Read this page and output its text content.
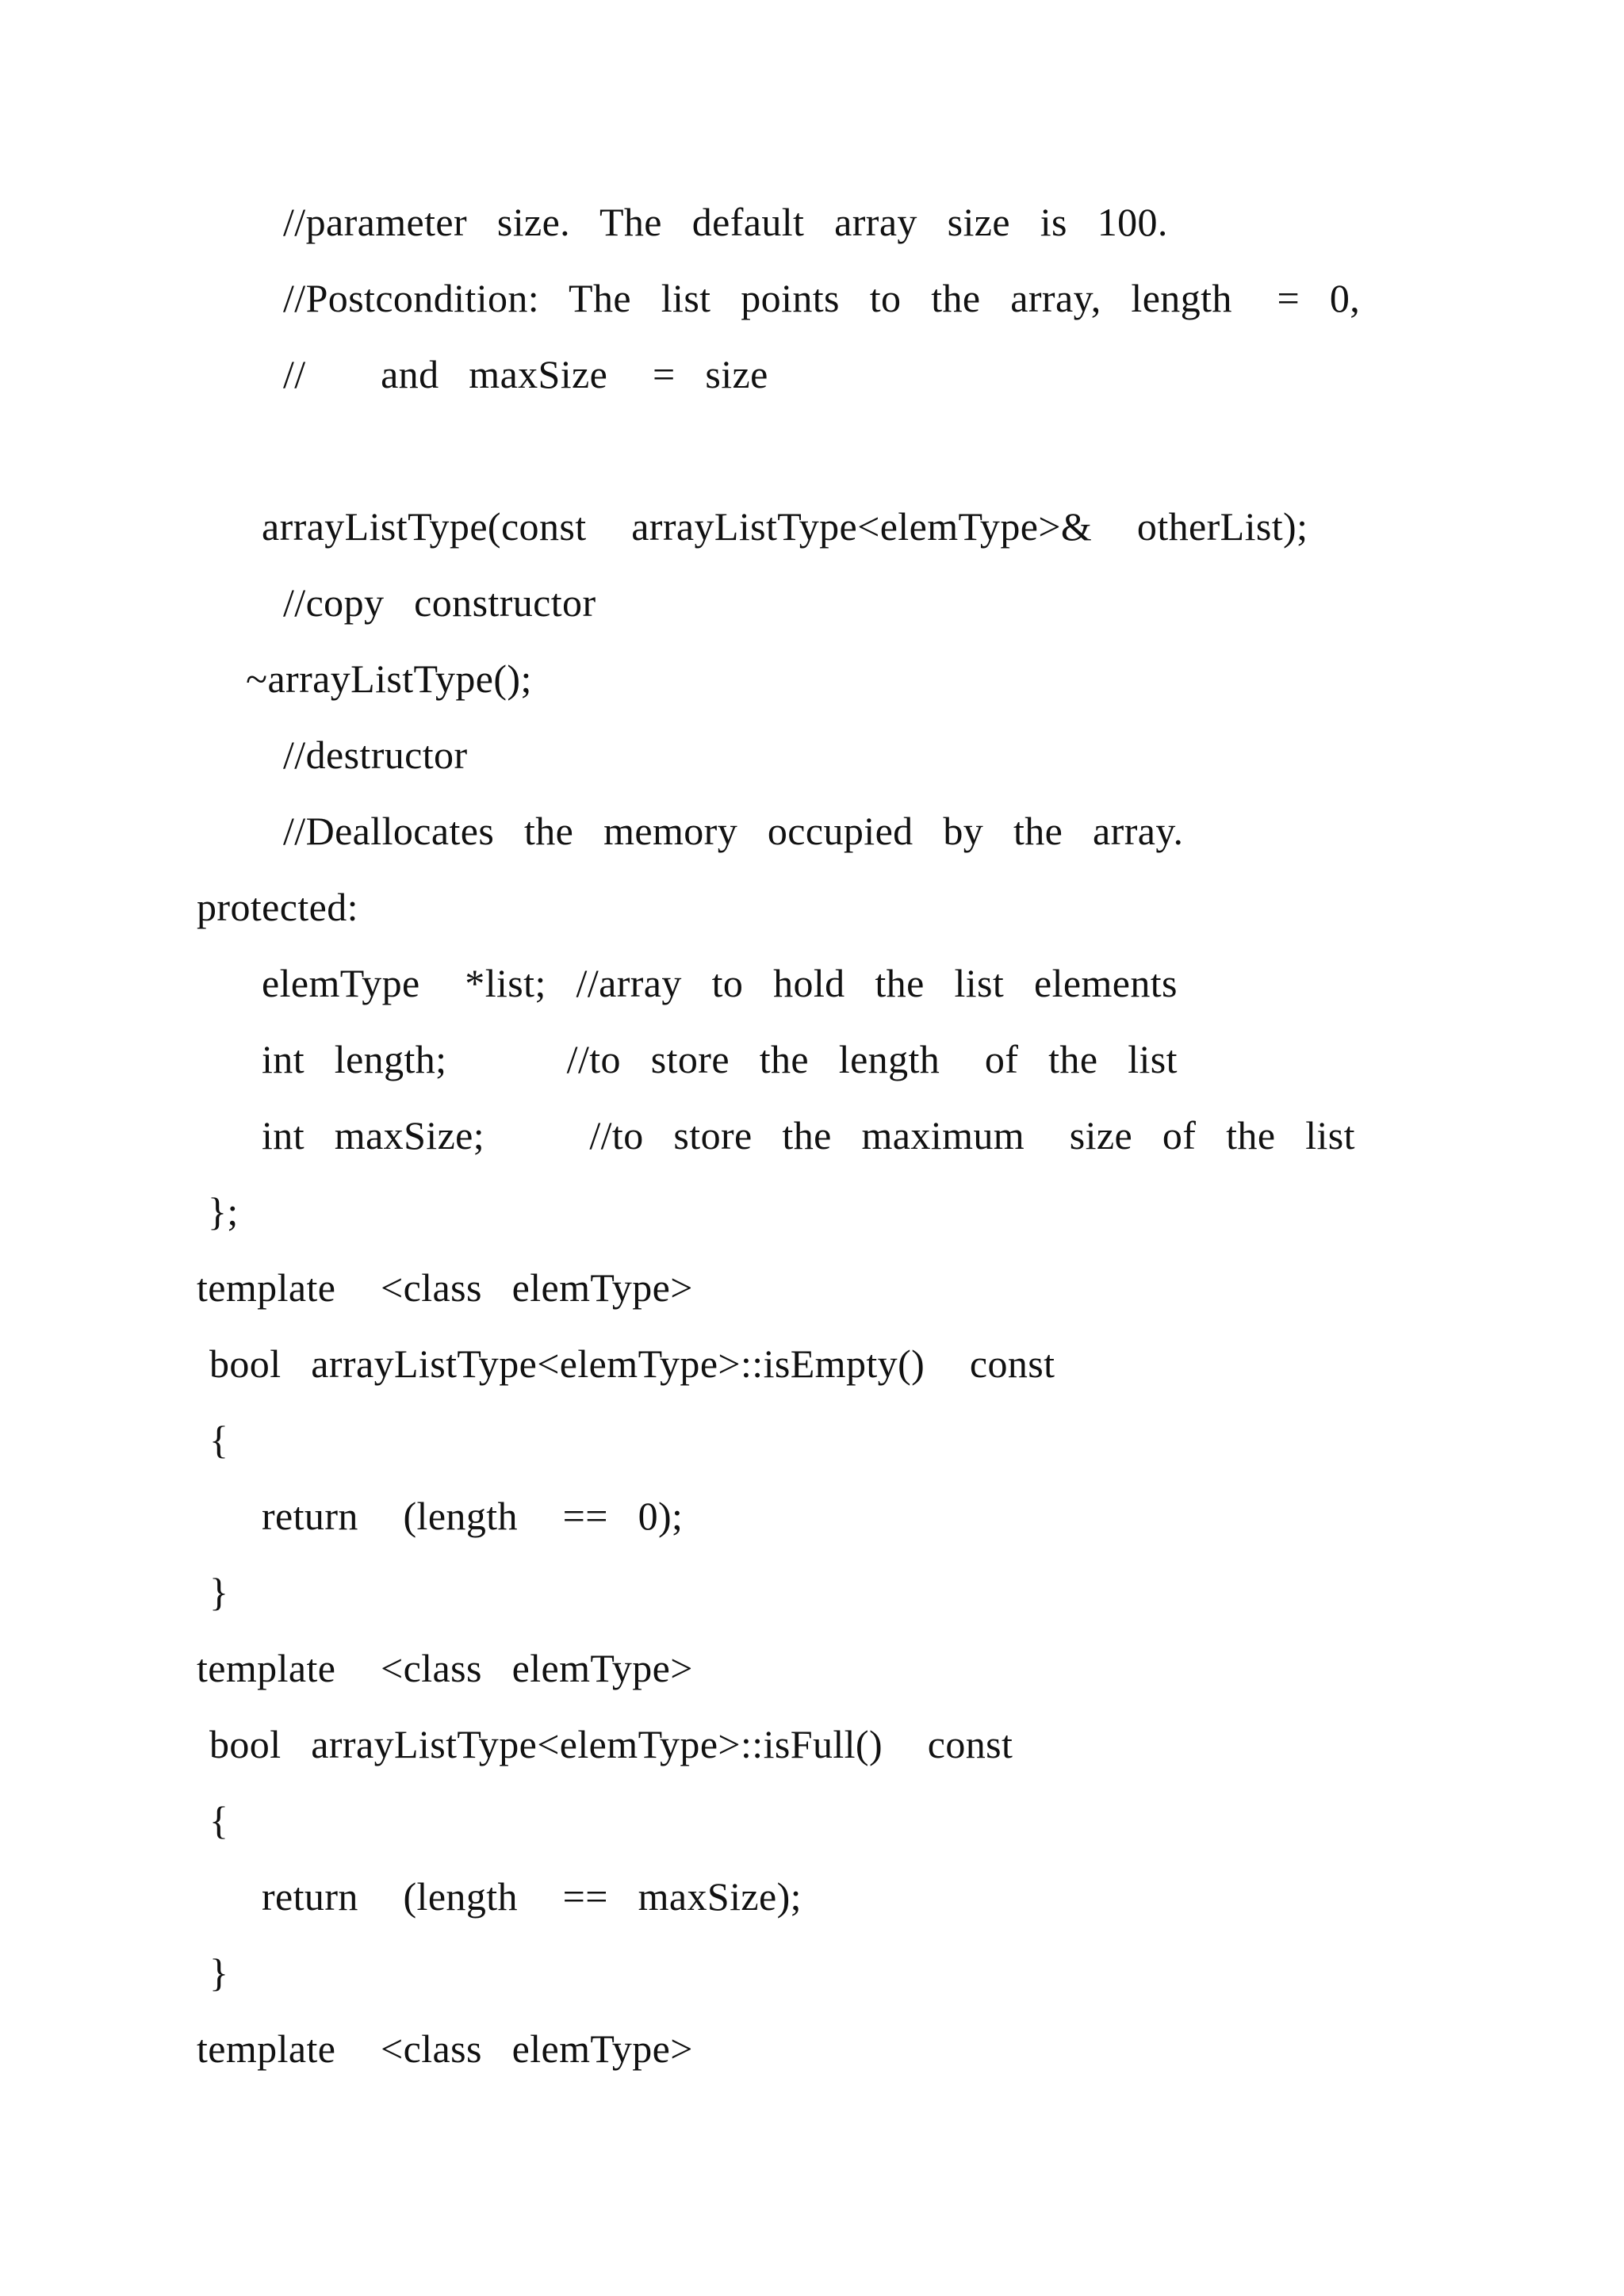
//parameter  size.  The  default  array  size  is  100.

//Postcondition:  The  list  points  to  the  array,  length   =  0,

//     and  maxSize   =  size

arrayListType(const   arrayListType<elemType>&   otherList);

//copy  constructor

~arrayListType();

//destructor

//Deallocates  the  memory  occupied  by  the  array.

protected:

elemType   *list;  //array  to  hold  the  list  elements

int  length;        //to  store  the  length   of  the  list

int  maxSize;       //to  store  the  maximum   size  of  the  list

};

template   <class  elemType>

bool  arrayListType<elemType>::isEmpty()   const

{

return   (length   ==  0);

}

template   <class  elemType>

bool  arrayListType<elemType>::isFull()   const

{

return   (length   ==  maxSize);

}

template   <class  elemType>
